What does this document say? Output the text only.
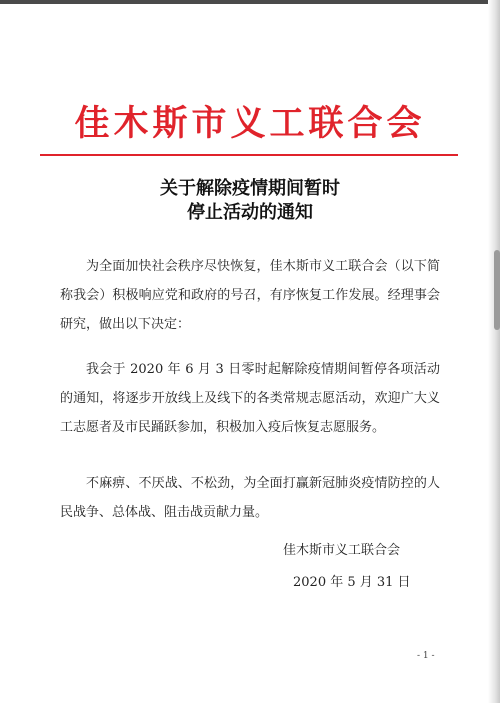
佳木斯市义工联合会
关于解除疫情期间暂时
停止活动的通知
为全面加快社会秩序尽快恢复，佳木斯市义工联合会（以下简称我会）积极响应党和政府的号召，有序恢复工作发展。经理事会研究，做出以下决定：
我会于 2020 年 6 月 3 日零时起解除疫情期间暂停各项活动的通知，将逐步开放线上及线下的各类常规志愿活动，欢迎广大义工志愿者及市民踊跃参加，积极加入疫后恢复志愿服务。
不麻痹、不厌战、不松劲，为全面打赢新冠肺炎疫情防控的人民战争、总体战、阻击战贡献力量。
佳木斯市义工联合会
2020 年 5 月 31 日
- 1 -
